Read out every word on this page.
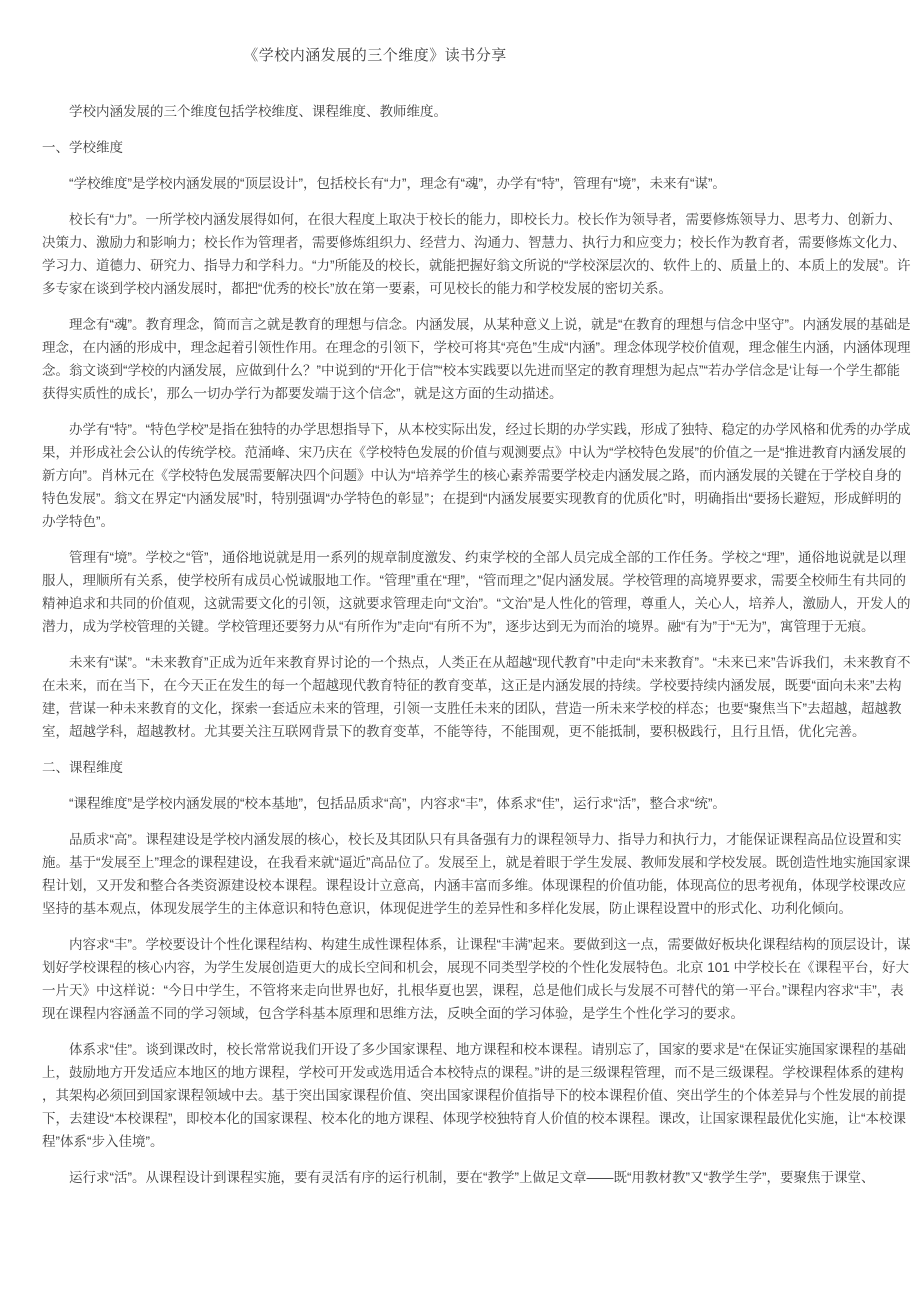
《学校内涵发展的三个维度》读书分享

学校内涵发展的三个维度包括学校维度、课程维度、教师维度。

一、学校维度

“学校维度”是学校内涵发展的“顶层设计”，包括校长有“力”，理念有“魂”，办学有“特”，管理有“境”，未来有“谋”。

校长有“力”。一所学校内涵发展得如何，在很大程度上取决于校长的能力，即校长力。校长作为领导者，需要修炼领导力、思考力、创新力、决策力、激励力和影响力；校长作为管理者，需要修炼组织力、经营力、沟通力、智慧力、执行力和应变力；校长作为教育者，需要修炼文化力、学习力、道德力、研究力、指导力和学科力。“力”所能及的校长，就能把握好翁文所说的“学校深层次的、软件上的、质量上的、本质上的发展”。许多专家在谈到学校内涵发展时，都把“优秀的校长”放在第一要素，可见校长的能力和学校发展的密切关系。

理念有“魂”。教育理念，简而言之就是教育的理想与信念。内涵发展，从某种意义上说，就是“在教育的理想与信念中坚守”。内涵发展的基础是理念，在内涵的形成中，理念起着引领性作用。在理念的引领下，学校可将其“亮色”生成“内涵”。理念体现学校价值观，理念催生内涵，内涵体现理念。翁文谈到“学校的内涵发展，应做到什么？”中说到的“开化于信”“校本实践要以先进而坚定的教育理想为起点”“若办学信念是‘让每一个学生都能获得实质性的成长’，那么一切办学行为都要发端于这个信念”，就是这方面的生动描述。

办学有“特”。“特色学校”是指在独特的办学思想指导下，从本校实际出发，经过长期的办学实践，形成了独特、稳定的办学风格和优秀的办学成果，并形成社会公认的传统学校。范涌峰、宋乃庆在《学校特色发展的价值与观测要点》中认为“学校特色发展”的价值之一是“推进教育内涵发展的新方向”。肖林元在《学校特色发展需要解决四个问题》中认为“培养学生的核心素养需要学校走内涵发展之路，而内涵发展的关键在于学校自身的特色发展”。翁文在界定“内涵发展”时，特别强调“办学特色的彰显”；在提到“内涵发展要实现教育的优质化”时，明确指出“要扬长避短，形成鲜明的办学特色”。

管理有“境”。学校之“管”，通俗地说就是用一系列的规章制度激发、约束学校的全部人员完成全部的工作任务。学校之“理”，通俗地说就是以理服人，理顺所有关系，使学校所有成员心悦诚服地工作。“管理”重在“理”，“管而理之”促内涵发展。学校管理的高境界要求，需要全校师生有共同的精神追求和共同的价值观，这就需要文化的引领，这就要求管理走向“文治”。“文治”是人性化的管理，尊重人，关心人，培养人，激励人，开发人的潜力，成为学校管理的关键。学校管理还要努力从“有所作为”走向“有所不为”，逐步达到无为而治的境界。融“有为”于“无为”，寓管理于无痕。

未来有“谋”。“未来教育”正成为近年来教育界讨论的一个热点，人类正在从超越“现代教育”中走向“未来教育”。“未来已来”告诉我们，未来教育不在未来，而在当下，在今天正在发生的每一个超越现代教育特征的教育变革，这正是内涵发展的持续。学校要持续内涵发展，既要“面向未来”去构建，营谋一种未来教育的文化，探索一套适应未来的管理，引领一支胜任未来的团队，营造一所未来学校的样态；也要“聚焦当下”去超越，超越教室，超越学科，超越教材。尤其要关注互联网背景下的教育变革，不能等待，不能围观，更不能抵制，要积极践行，且行且悟，优化完善。

二、课程维度

“课程维度”是学校内涵发展的“校本基地”，包括品质求“高”，内容求“丰”，体系求“佳”，运行求“活”，整合求“统”。

品质求“高”。课程建设是学校内涵发展的核心，校长及其团队只有具备强有力的课程领导力、指导力和执行力，才能保证课程高品位设置和实施。基于“发展至上”理念的课程建设，在我看来就“逼近”高品位了。发展至上，就是着眼于学生发展、教师发展和学校发展。既创造性地实施国家课程计划，又开发和整合各类资源建设校本课程。课程设计立意高，内涵丰富而多维。体现课程的价值功能，体现高位的思考视角，体现学校课改应坚持的基本观点，体现发展学生的主体意识和特色意识，体现促进学生的差异性和多样化发展，防止课程设置中的形式化、功利化倾向。

内容求“丰”。学校要设计个性化课程结构、构建生成性课程体系，让课程“丰满”起来。要做到这一点，需要做好板块化课程结构的顶层设计，谋划好学校课程的核心内容，为学生发展创造更大的成长空间和机会，展现不同类型学校的个性化发展特色。北京 101 中学校长在《课程平台，好大一片天》中这样说：“今日中学生，不管将来走向世界也好，扎根华夏也罢，课程，总是他们成长与发展不可替代的第一平台。”课程内容求“丰”，表现在课程内容涵盖不同的学习领域，包含学科基本原理和思维方法，反映全面的学习体验，是学生个性化学习的要求。

体系求“佳”。谈到课改时，校长常常说我们开设了多少国家课程、地方课程和校本课程。请别忘了，国家的要求是“在保证实施国家课程的基础上，鼓励地方开发适应本地区的地方课程，学校可开发或选用适合本校特点的课程。”讲的是三级课程管理，而不是三级课程。学校课程体系的建构，其架构必须回到国家课程领域中去。基于突出国家课程价值、突出国家课程价值指导下的校本课程价值、突出学生的个体差异与个性发展的前提下，去建设“本校课程”，即校本化的国家课程、校本化的地方课程、体现学校独特育人价值的校本课程。课改，让国家课程最优化实施，让“本校课程”体系“步入佳境”。

运行求“活”。从课程设计到课程实施，要有灵活有序的运行机制，要在“教学”上做足文章——既“用教材教”又“教学生学”，要聚焦于课堂、
